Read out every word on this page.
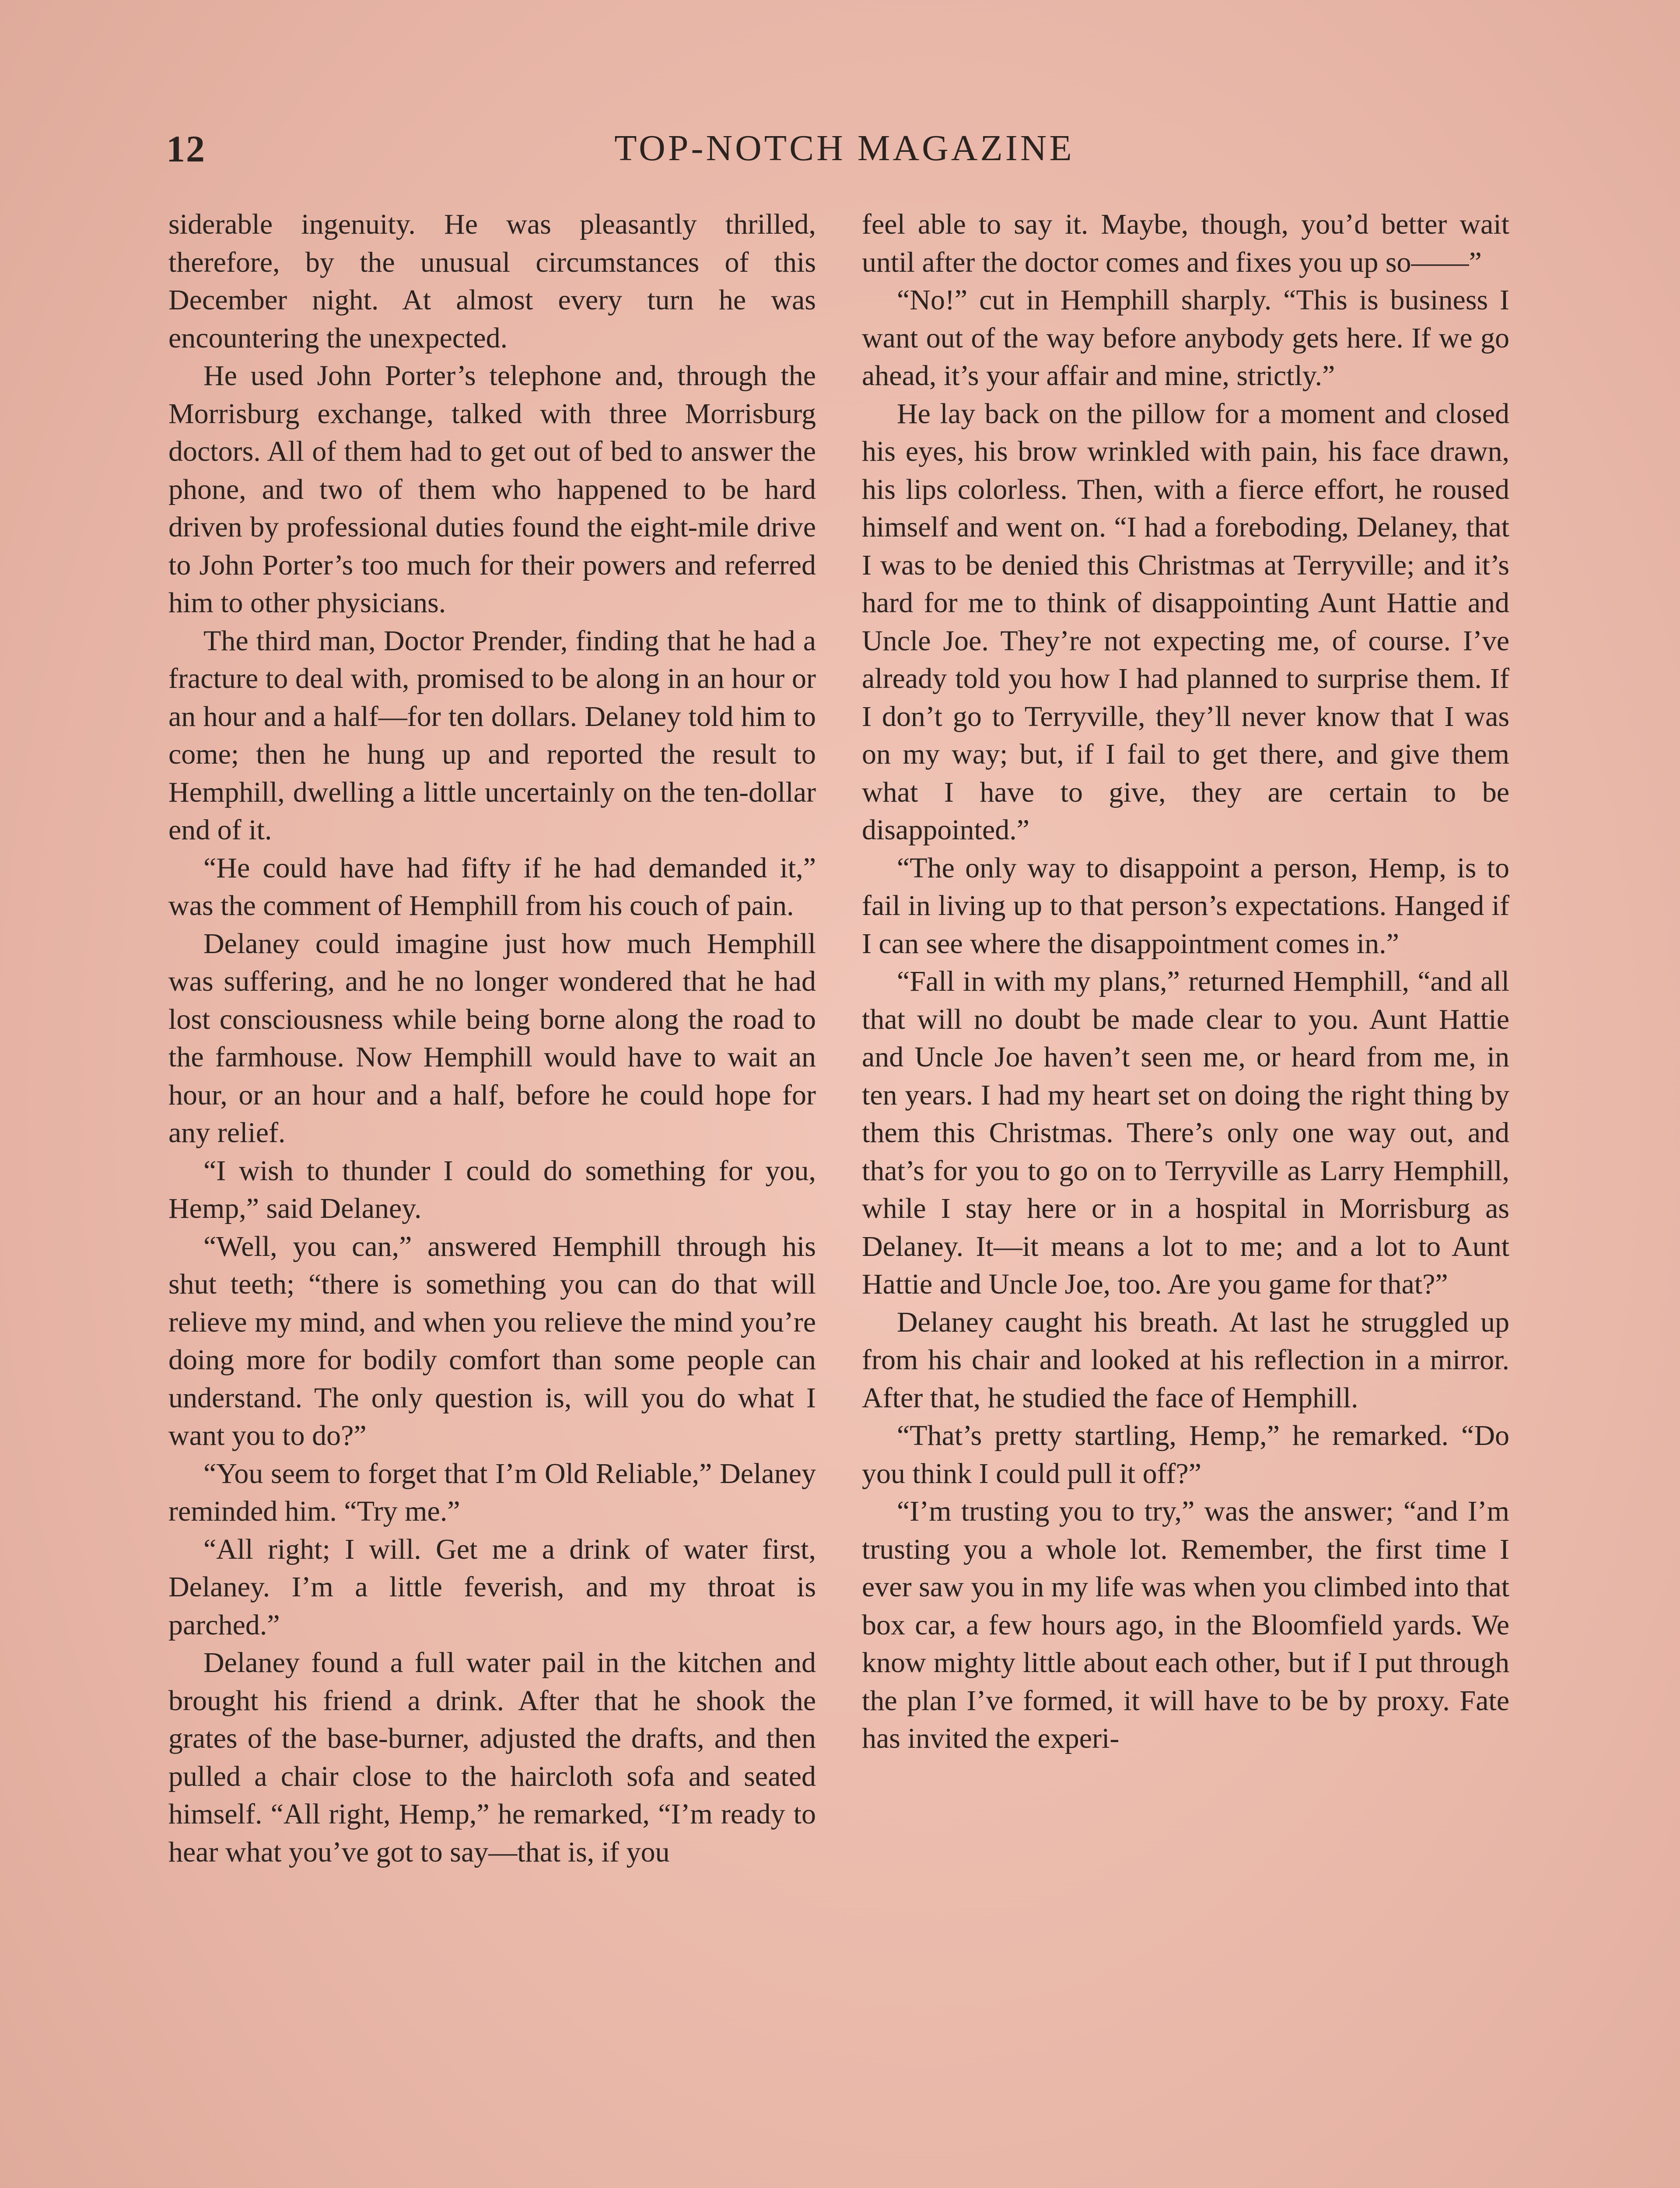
12	TOP-NOTCH MAGAZINE

siderable ingenuity. He was pleasantly thrilled, therefore, by the unusual circumstances of this December night. At almost every turn he was encountering the unexpected.

He used John Porter’s telephone and, through the Morrisburg exchange, talked with three Morrisburg doctors. All of them had to get out of bed to answer the phone, and two of them who happened to be hard driven by professional duties found the eight-mile drive to John Porter’s too much for their powers and referred him to other physicians.

The third man, Doctor Prender, finding that he had a fracture to deal with, promised to be along in an hour or an hour and a half—for ten dollars. Delaney told him to come; then he hung up and reported the result to Hemphill, dwelling a little uncertainly on the ten-dollar end of it.

“He could have had fifty if he had demanded it,” was the comment of Hemphill from his couch of pain.

Delaney could imagine just how much Hemphill was suffering, and he no longer wondered that he had lost consciousness while being borne along the road to the farmhouse. Now Hemphill would have to wait an hour, or an hour and a half, before he could hope for any relief.

“I wish to thunder I could do something for you, Hemp,” said Delaney.

“Well, you can,” answered Hemphill through his shut teeth; “there is something you can do that will relieve my mind, and when you relieve the mind you’re doing more for bodily comfort than some people can understand. The only question is, will you do what I want you to do?”

“You seem to forget that I’m Old Reliable,” Delaney reminded him. “Try me.”

“All right; I will. Get me a drink of water first, Delaney. I’m a little feverish, and my throat is parched.”

Delaney found a full water pail in the kitchen and brought his friend a drink. After that he shook the grates of the base-burner, adjusted the drafts, and then pulled a chair close to the haircloth sofa and seated himself. “All right, Hemp,” he remarked, “I’m ready to hear what you’ve got to say—that is, if you

feel able to say it. Maybe, though, you’d better wait until after the doctor comes and fixes you up so——”

“No!” cut in Hemphill sharply. “This is business I want out of the way before anybody gets here. If we go ahead, it’s your affair and mine, strictly.”

He lay back on the pillow for a moment and closed his eyes, his brow wrinkled with pain, his face drawn, his lips colorless. Then, with a fierce effort, he roused himself and went on. “I had a foreboding, Delaney, that I was to be denied this Christmas at Terryville; and it’s hard for me to think of disappointing Aunt Hattie and Uncle Joe. They’re not expecting me, of course. I’ve already told you how I had planned to surprise them. If I don’t go to Terryville, they’ll never know that I was on my way; but, if I fail to get there, and give them what I have to give, they are certain to be disappointed.”

“The only way to disappoint a person, Hemp, is to fail in living up to that person’s expectations. Hanged if I can see where the disappointment comes in.”

“Fall in with my plans,” returned Hemphill, “and all that will no doubt be made clear to you. Aunt Hattie and Uncle Joe haven’t seen me, or heard from me, in ten years. I had my heart set on doing the right thing by them this Christmas. There’s only one way out, and that’s for you to go on to Terryville as Larry Hemphill, while I stay here or in a hospital in Morrisburg as Delaney. It—it means a lot to me; and a lot to Aunt Hattie and Uncle Joe, too. Are you game for that?”

Delaney caught his breath. At last he struggled up from his chair and looked at his reflection in a mirror. After that, he studied the face of Hemphill.

“That’s pretty startling, Hemp,” he remarked. “Do you think I could pull it off?”

“I’m trusting you to try,” was the answer; “and I’m trusting you a whole lot. Remember, the first time I ever saw you in my life was when you climbed into that box car, a few hours ago, in the Bloomfield yards. We know mighty little about each other, but if I put through the plan I’ve formed, it will have to be by proxy. Fate has invited the experi-
